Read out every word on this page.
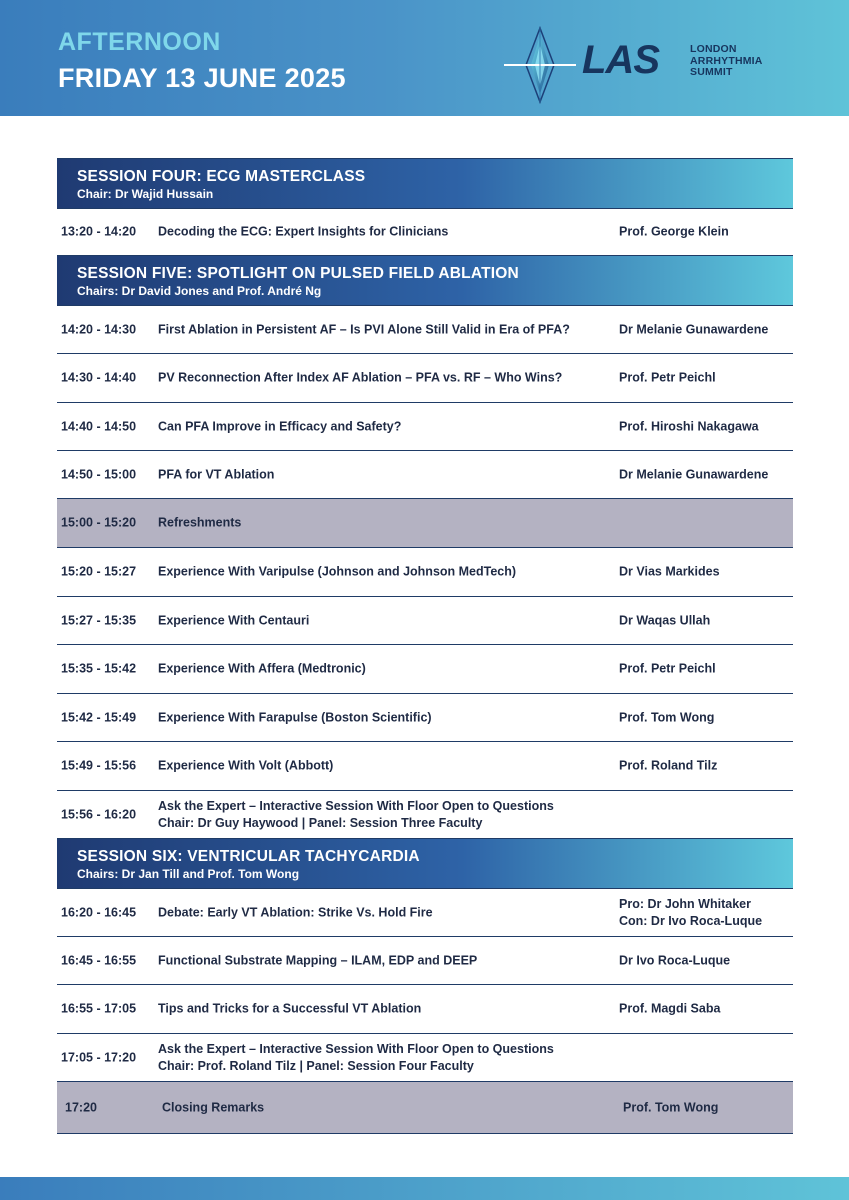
AFTERNOON
FRIDAY 13 JUNE 2025	LAS	LONDON
ARRHYTHMIA
SUMMIT
SESSION FOUR: ECG MASTERCLASS
Chair: Dr Wajid Hussain
13:20 - 14:20 Decoding the ECG: Expert Insights for Clinicians	Prof. George Klein
SESSION FIVE: SPOTLIGHT ON PULSED FIELD ABLATION
Chairs: Dr David Jones and Prof. André Ng
14:20 - 14:30 First Ablation in Persistent AF – Is PVI Alone Still Valid in Era of PFA?	Dr Melanie Gunawardene
14:30 - 14:40 PV Reconnection After Index AF Ablation – PFA vs. RF – Who Wins?	Prof. Petr Peichl
14:40 - 14:50 Can PFA Improve in Efficacy and Safety?	Prof. Hiroshi Nakagawa
14:50 - 15:00 PFA for VT Ablation	Dr Melanie Gunawardene
15:00 - 15:20 Refreshments
15:20 - 15:27 Experience With Varipulse (Johnson and Johnson MedTech)	Dr Vias Markides
15:27 - 15:35 Experience With Centauri	Dr Waqas Ullah
15:35 - 15:42 Experience With Affera (Medtronic)	Prof. Petr Peichl
15:42 - 15:49 Experience With Farapulse (Boston Scientific)	Prof. Tom Wong
15:49 - 15:56 Experience With Volt (Abbott)	Prof. Roland Tilz
15:56 - 16:20
Ask the Expert – Interactive Session With Floor Open to Questions
Chair: Dr Guy Haywood | Panel: Session Three Faculty
SESSION SIX: VENTRICULAR TACHYCARDIA
Chairs: Dr Jan Till and Prof. Tom Wong
16:20 - 16:45 Debate: Early VT Ablation: Strike Vs. Hold Fire
Pro: Dr John Whitaker
Con: Dr Ivo Roca-Luque
16:45 - 16:55 Functional Substrate Mapping – ILAM, EDP and DEEP	Dr Ivo Roca-Luque
16:55 - 17:05 Tips and Tricks for a Successful VT Ablation	Prof. Magdi Saba
17:05 - 17:20
Ask the Expert – Interactive Session With Floor Open to Questions
Chair: Prof. Roland Tilz | Panel: Session Four Faculty
17:20	Closing Remarks	Prof. Tom Wong
